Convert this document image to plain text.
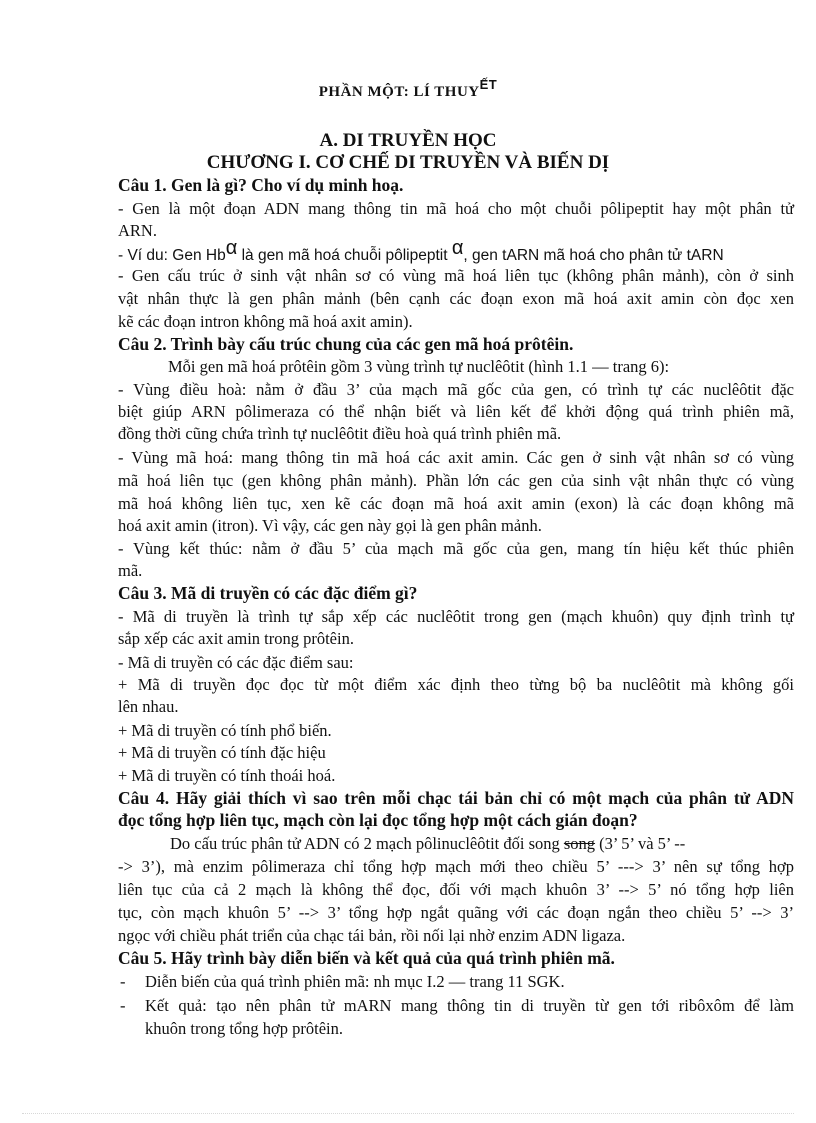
PHẦN MỘT: LÍ THUYẾT
A. DI TRUYỀN HỌC
CHƯƠNG I. CƠ CHẾ DI TRUYỀN VÀ BIẾN DỊ
Câu 1. Gen là gì? Cho ví dụ minh hoạ.
- Gen là một đoạn ADN mang thông tin mã hoá cho một chuỗi pôlipeptit hay một phân tử
ARN.
- Ví du: Gen Hbα là gen mã hoá chuỗi pôlipeptit α, gen tARN mã hoá cho phân tử tARN
- Gen cấu trúc ở sinh vật nhân sơ có vùng mã hoá liên tục (không phân mảnh), còn ở sinh
vật nhân thực là gen phân mảnh (bên cạnh các đoạn exon mã hoá axit amin còn đọc xen
kẽ các đoạn intron không mã hoá axit amin).
Câu 2. Trình bày cấu trúc chung của các gen mã hoá prôtêin.
Mỗi gen mã hoá prôtêin gồm 3 vùng trình tự nuclêôtit (hình 1.1 — trang 6):
- Vùng điều hoà: nằm ở đầu 3’ của mạch mã gốc của gen, có trình tự các nuclêôtit đặc
biệt giúp ARN pôlimeraza có thể nhận biết và liên kết để khởi động quá trình phiên mã,
đồng thời cũng chứa trình tự nuclêôtit điều hoà quá trình phiên mã.
- Vùng mã hoá: mang thông tin mã hoá các axit amin. Các gen ở sinh vật nhân sơ có vùng
mã hoá liên tục (gen không phân mảnh). Phần lớn các gen của sinh vật nhân thực có vùng
mã hoá không liên tục, xen kẽ các đoạn mã hoá axit amin (exon) là các đoạn không mã
hoá axit amin (itron). Vì vậy, các gen này gọi là gen phân mảnh.
- Vùng kết thúc: nằm ở đầu 5’ của mạch mã gốc của gen, mang tín hiệu kết thúc phiên
mã.
Câu 3. Mã di truyền có các đặc điểm gì?
- Mã di truyền là trình tự sắp xếp các nuclêôtit trong gen (mạch khuôn) quy định trình tự
sắp xếp các axit amin trong prôtêin.
- Mã di truyền có các đặc điểm sau:
+ Mã di truyền đọc đọc từ một điểm xác định theo từng bộ ba nuclêôtit mà không gối
lên nhau.
+ Mã di truyền có tính phổ biến.
+ Mã di truyền có tính đặc hiệu
+ Mã di truyền có tính thoái hoá.
Câu 4. Hãy giải thích vì sao trên mỗi chạc tái bản chỉ có một mạch của phân tử ADN
đọc tổng hợp liên tục, mạch còn lại đọc tổng hợp một cách gián đoạn?
Do cấu trúc phân tử ADN có 2 mạch pôlinuclêôtit đối song song (3’ 5’ và 5’ --
-> 3’), mà enzim pôlimeraza chỉ tổng hợp mạch mới theo chiều 5’ ---> 3’ nên sự tổng hợp
liên tục của cả 2 mạch là không thể đọc, đối với mạch khuôn 3’ --> 5’ nó tổng hợp liên
tục, còn mạch khuôn 5’ --> 3’ tổng hợp ngắt quãng với các đoạn ngắn theo chiều 5’ --> 3’
ngọc với chiều phát triển của chạc tái bản, rồi nối lại nhờ enzim ADN ligaza.
Câu 5. Hãy trình bày diễn biến và kết quả của quá trình phiên mã.
- Diễn biến của quá trình phiên mã: nh mục I.2 — trang 11 SGK.
- Kết quả: tạo nên phân tử mARN mang thông tin di truyền từ gen tới ribôxôm để làm
khuôn trong tổng hợp prôtêin.
